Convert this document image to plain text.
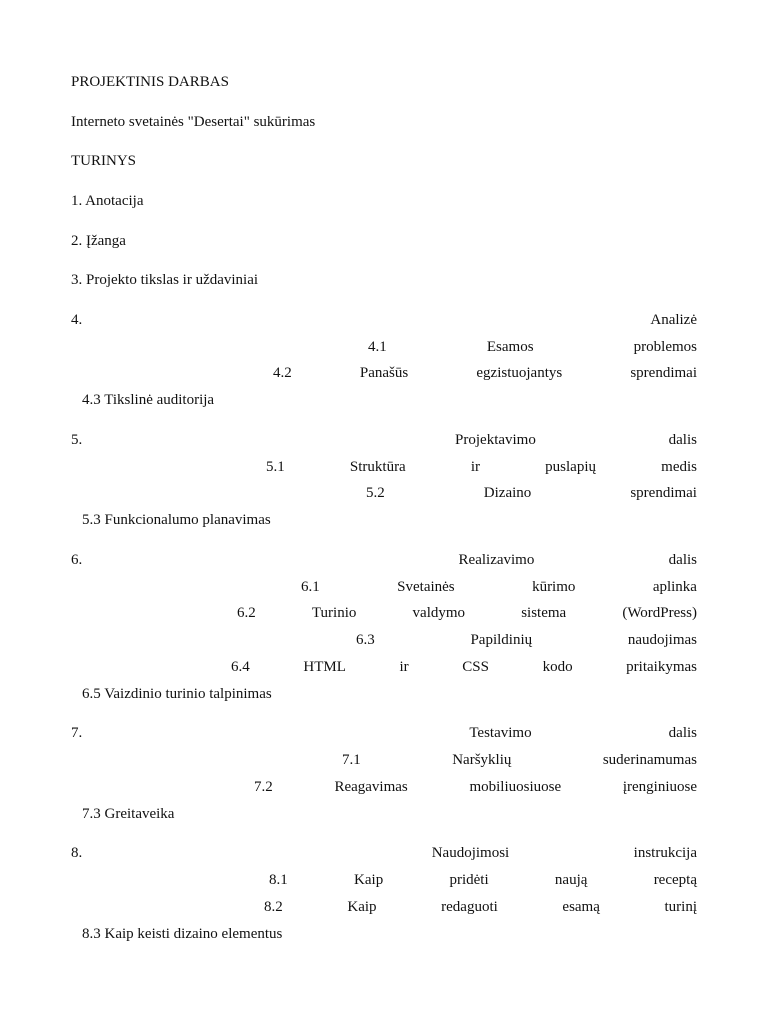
PROJEKTINIS DARBAS
Interneto svetainės "Desertai" sukūrimas
TURINYS
1. Anotacija
2. Įžanga
3. Projekto tikslas ir uždaviniai
4.	Analizė
4.1	Esamos	problemos
4.2	Panašūs	egzistuojantys	sprendimai
4.3 Tikslinė auditorija
5.	Projektavimo	dalis
5.1	Struktūra	ir	puslapių	medis
5.2	Dizaino	sprendimai
5.3 Funkcionalumo planavimas
6.	Realizavimo	dalis
6.1	Svetainės	kūrimo	aplinka
6.2	Turinio	valdymo	sistema	(WordPress)
6.3	Papildinių	naudojimas
6.4	HTML	ir	CSS	kodo	pritaikymas
6.5 Vaizdinio turinio talpinimas
7.	Testavimo	dalis
7.1	Naršyklių	suderinamumas
7.2	Reagavimas	mobiliuosiuose	įrenginiuose
7.3 Greitaveika
8.	Naudojimosi	instrukcija
8.1	Kaip	pridėti	naują	receptą
8.2	Kaip	redaguoti	esamą	turinį
8.3 Kaip keisti dizaino elementus
